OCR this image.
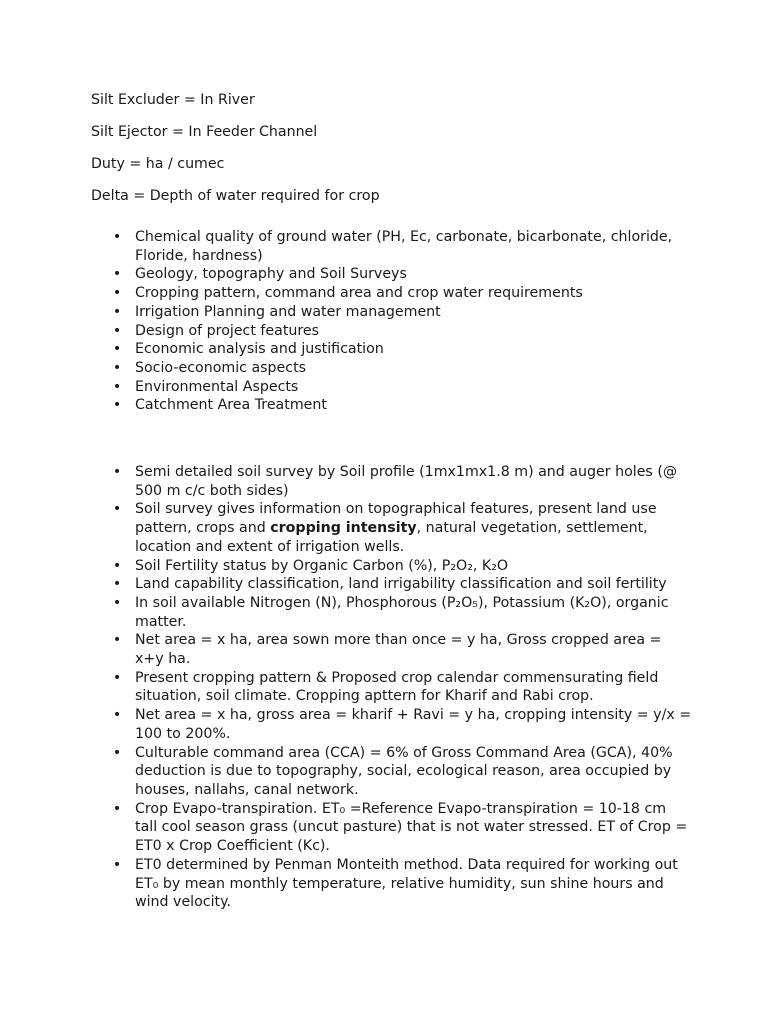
Silt Excluder = In River

Silt Ejector = In Feeder Channel

Duty = ha / cumec

Delta = Depth of water required for crop

• Chemical quality of ground water (PH, Ec, carbonate, bicarbonate, chloride,
Floride, hardness)
• Geology, topography and Soil Surveys
• Cropping pattern, command area and crop water requirements
• Irrigation Planning and water management
• Design of project features
• Economic analysis and justification
• Socio-economic aspects
• Environmental Aspects
• Catchment Area Treatment
• Semi detailed soil survey by Soil profile (1mx1mx1.8 m) and auger holes (@
500 m c/c both sides)
• Soil survey gives information on topographical features, present land use
pattern, crops and cropping intensity, natural vegetation, settlement,
location and extent of irrigation wells.
• Soil Fertility status by Organic Carbon (%), P₂O₂, K₂O
• Land capability classification, land irrigability classification and soil fertility
• In soil available Nitrogen (N), Phosphorous (P₂O₅), Potassium (K₂O), organic
matter.
• Net area = x ha, area sown more than once = y ha, Gross cropped area =
x+y ha.
• Present cropping pattern & Proposed crop calendar commensurating field
situation, soil climate. Cropping apttern for Kharif and Rabi crop.
• Net area = x ha, gross area = kharif + Ravi = y ha, cropping intensity = y/x =
100 to 200%.
• Culturable command area (CCA) = 6% of Gross Command Area (GCA), 40%
deduction is due to topography, social, ecological reason, area occupied by
houses, nallahs, canal network.
• Crop Evapo-transpiration. ET₀ =Reference Evapo-transpiration = 10-18 cm
tall cool season grass (uncut pasture) that is not water stressed. ET of Crop =
ET0 x Crop Coefficient (Kc).
• ET0 determined by Penman Monteith method. Data required for working out
ET₀ by mean monthly temperature, relative humidity, sun shine hours and
wind velocity.
